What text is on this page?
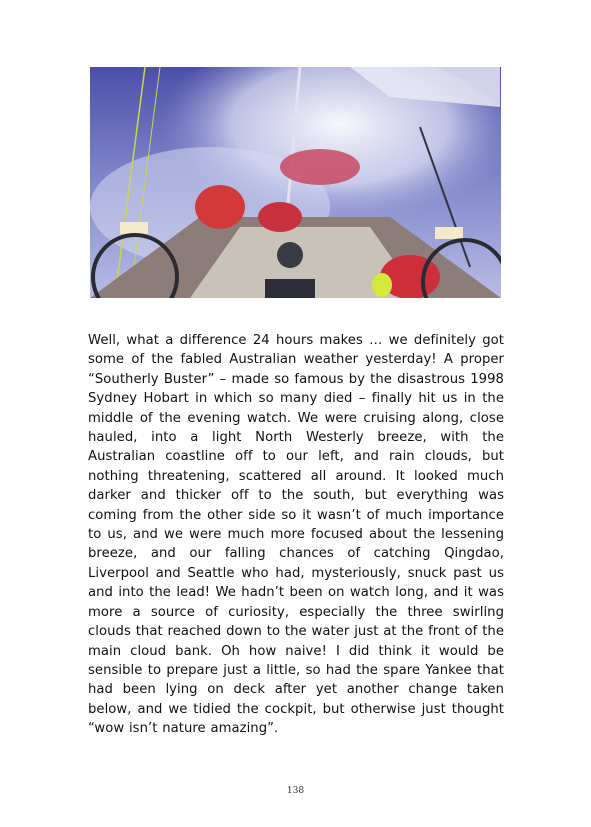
Well, what a difference 24 hours makes … we definitely got some of the fabled Australian weather yesterday! A proper “Southerly Buster” – made so famous by the disastrous 1998 Sydney Hobart in which so many died – finally hit us in the middle of the evening watch. We were cruising along, close hauled, into a light North Westerly breeze, with the Australian coastline off to our left, and rain clouds, but nothing threatening, scattered all around. It looked much darker and thicker off to the south, but everything was coming from the other side so it wasn’t of much importance to us, and we were much more focused about the lessening breeze, and our falling chances of catching Qingdao, Liverpool and Seattle who had, mysteriously, snuck past us and into the lead! We hadn’t been on watch long, and it was more a source of curiosity, especially the three swirling clouds that reached down to the water just at the front of the main cloud bank. Oh how naive! I did think it would be sensible to prepare just a little, so had the spare Yankee that had been lying on deck after yet another change taken below, and we tidied the cockpit, but otherwise just thought “wow isn’t nature amazing”.

138
